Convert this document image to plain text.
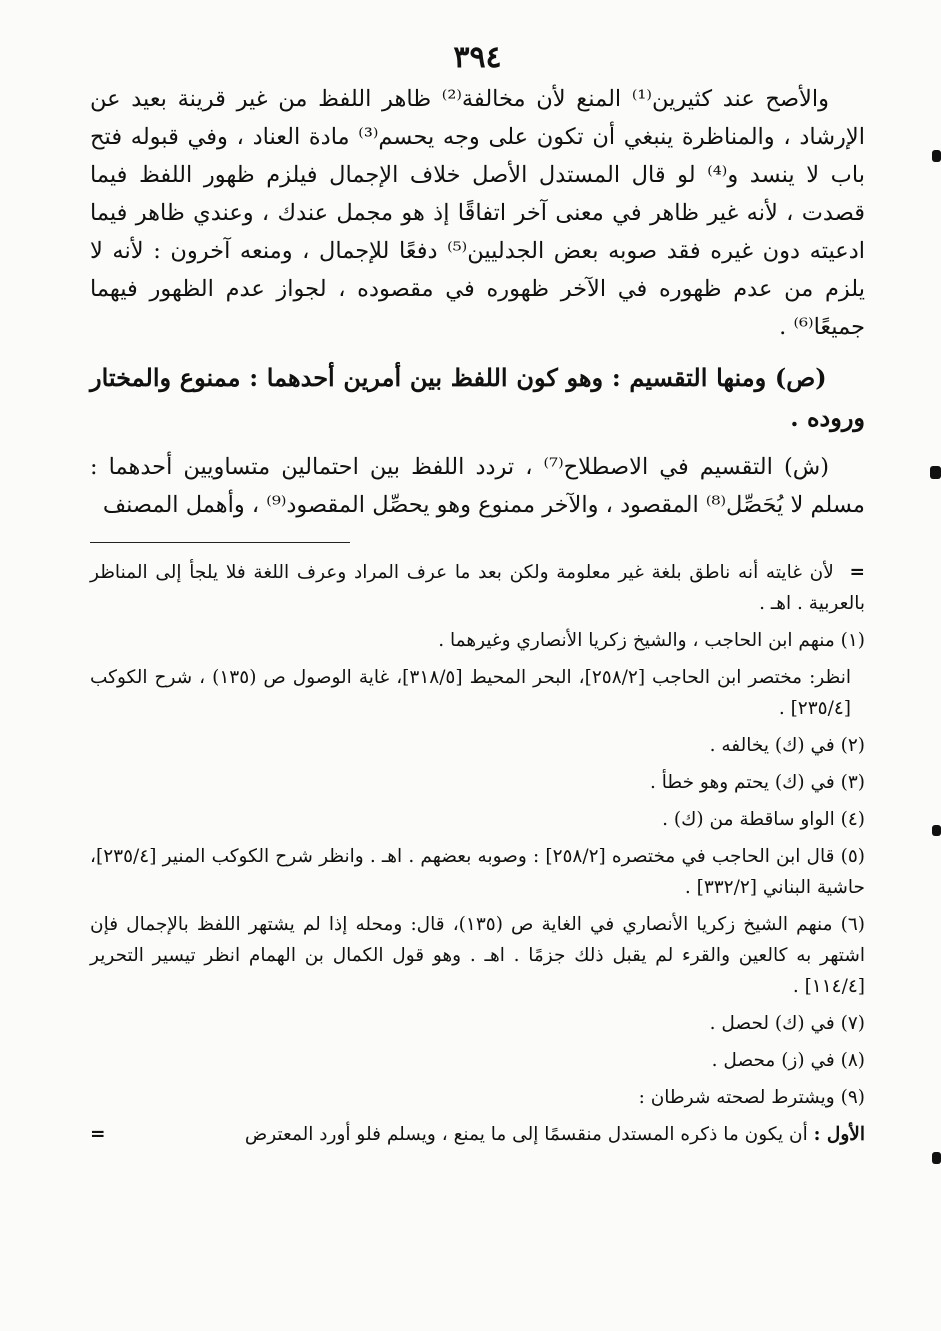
٣٩٤

والأصح عند كثيرين⁽¹⁾ المنع لأن مخالفة⁽²⁾ ظاهر اللفظ من غير قرينة بعيد عن الإرشاد ، والمناظرة ينبغي أن تكون على وجه يحسم⁽³⁾ مادة العناد ، وفي قبوله فتح باب لا ينسد و⁽⁴⁾ لو قال المستدل الأصل خلاف الإجمال فيلزم ظهور اللفظ فيما قصدت ، لأنه غير ظاهر في معنى آخر اتفاقًا إذ هو مجمل عندك ، وعندي ظاهر فيما ادعيته دون غيره فقد صوبه بعض الجدليين⁽⁵⁾ دفعًا للإجمال ، ومنعه آخرون : لأنه لا يلزم من عدم ظهوره في الآخر ظهوره في مقصوده ، لجواز عدم الظهور فيهما جميعًا⁽⁶⁾ .

(ص) ومنها التقسيم : وهو كون اللفظ بين أمرين أحدهما : ممنوع والمختار وروده .

(ش) التقسيم في الاصطلاح⁽⁷⁾ ، تردد اللفظ بين احتمالين متساويين أحدهما : مسلم لا يُحَصِّل⁽⁸⁾ المقصود ، والآخر ممنوع وهو يحصِّل المقصود⁽⁹⁾ ، وأهمل المصنف

= لأن غايته أنه ناطق بلغة غير معلومة ولكن بعد ما عرف المراد وعرف اللغة فلا يلجأ إلى المناظر بالعربية . اهـ .

(١) منهم ابن الحاجب ، والشيخ زكريا الأنصاري وغيرهما .

انظر: مختصر ابن الحاجب [٢٥٨/٢]، البحر المحيط [٣١٨/٥]، غاية الوصول ص (١٣٥) ، شرح الكوكب [٢٣٥/٤] .

(٢) في (ك) يخالفه .

(٣) في (ك) يحتم وهو خطأ .

(٤) الواو ساقطة من (ك) .

(٥) قال ابن الحاجب في مختصره [٢٥٨/٢] : وصوبه بعضهم . اهـ . وانظر شرح الكوكب المنير [٢٣٥/٤]، حاشية البناني [٣٣٢/٢] .

(٦) منهم الشيخ زكريا الأنصاري في الغاية ص (١٣٥)، قال: ومحله إذا لم يشتهر اللفظ بالإجمال فإن اشتهر به كالعين والقرء لم يقبل ذلك جزمًا . اهـ . وهو قول الكمال بن الهمام انظر تيسير التحرير [١١٤/٤] .

(٧) في (ك) لحصل .

(٨) في (ز) محصل .

(٩) ويشترط لصحته شرطان :

الأول : أن يكون ما ذكره المستدل منقسمًا إلى ما يمنع ، ويسلم فلو أورد المعترض
=
